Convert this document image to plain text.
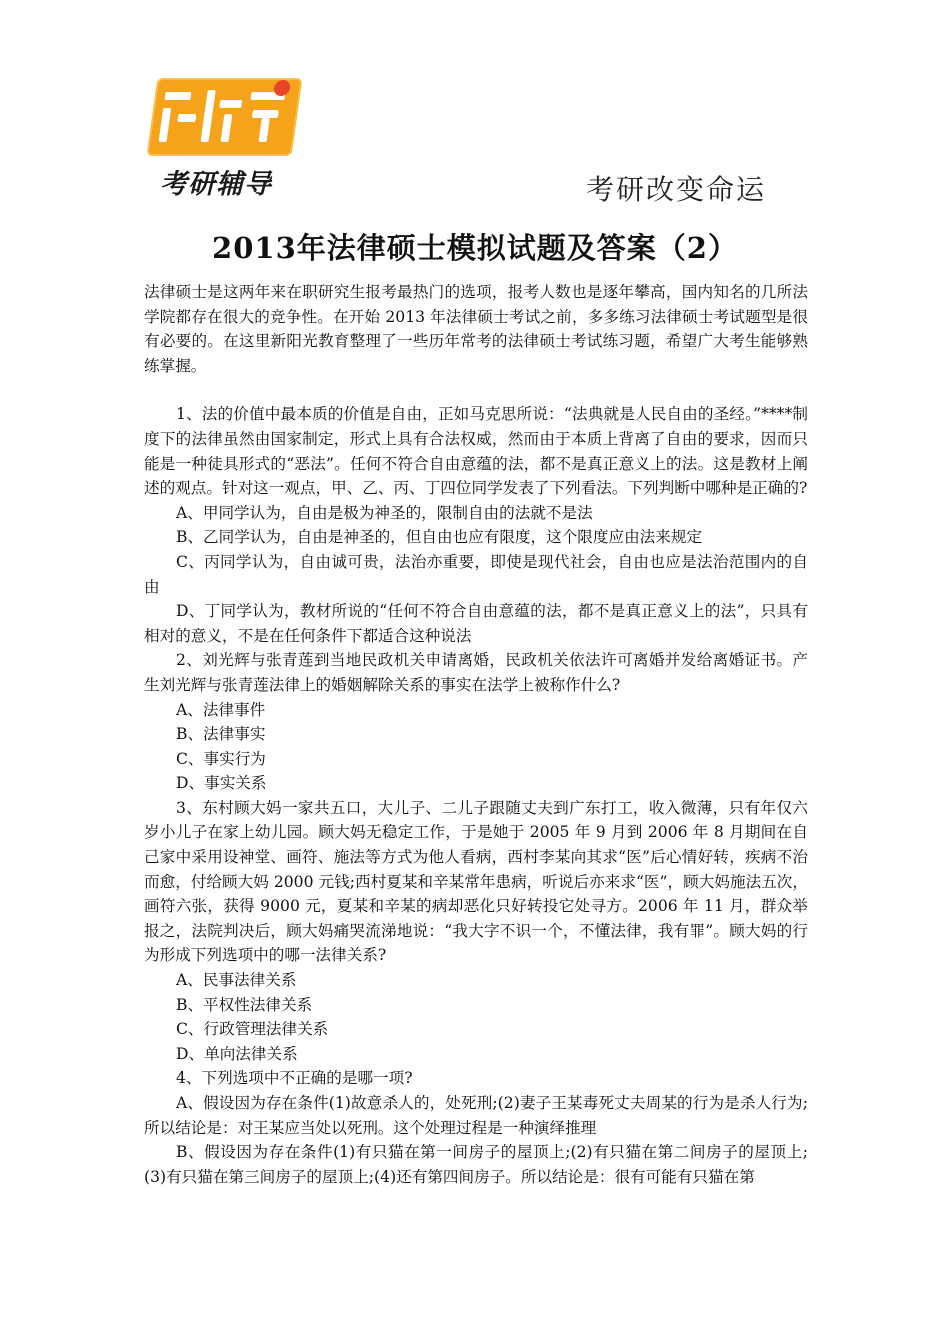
考研辅导	考研改变命运
2013年法律硕士模拟试题及答案（2）

法律硕士是这两年来在职研究生报考最热门的选项，报考人数也是逐年攀高，国内知名的几所法学院都存在很大的竞争性。在开始 2013 年法律硕士考试之前，多多练习法律硕士考试题型是很有必要的。在这里新阳光教育整理了一些历年常考的法律硕士考试练习题，希望广大考生能够熟练掌握。

1、法的价值中最本质的价值是自由，正如马克思所说：“法典就是人民自由的圣经。”****制度下的法律虽然由国家制定，形式上具有合法权威，然而由于本质上背离了自由的要求，因而只能是一种徒具形式的“恶法”。任何不符合自由意蕴的法，都不是真正意义上的法。这是教材上阐述的观点。针对这一观点，甲、乙、丙、丁四位同学发表了下列看法。下列判断中哪种是正确的?

A、甲同学认为，自由是极为神圣的，限制自由的法就不是法

B、乙同学认为，自由是神圣的，但自由也应有限度，这个限度应由法来规定

C、丙同学认为，自由诚可贵，法治亦重要，即使是现代社会，自由也应是法治范围内的自由

D、丁同学认为，教材所说的“任何不符合自由意蕴的法，都不是真正意义上的法”，只具有相对的意义，不是在任何条件下都适合这种说法

2、刘光辉与张青莲到当地民政机关申请离婚，民政机关依法许可离婚并发给离婚证书。产生刘光辉与张青莲法律上的婚姻解除关系的事实在法学上被称作什么?

A、法律事件

B、法律事实

C、事实行为

D、事实关系

3、东村顾大妈一家共五口，大儿子、二儿子跟随丈夫到广东打工，收入微薄，只有年仅六岁小儿子在家上幼儿园。顾大妈无稳定工作，于是她于 2005 年 9 月到 2006 年 8 月期间在自己家中采用设神堂、画符、施法等方式为他人看病，西村李某向其求“医”后心情好转，疾病不治而愈，付给顾大妈 2000 元钱;西村夏某和辛某常年患病，听说后亦来求“医”，顾大妈施法五次，画符六张，获得 9000 元，夏某和辛某的病却恶化只好转投它处寻方。2006 年 11 月，群众举报之，法院判决后，顾大妈痛哭流涕地说：“我大字不识一个，不懂法律，我有罪”。顾大妈的行为形成下列选项中的哪一法律关系?

A、民事法律关系

B、平权性法律关系

C、行政管理法律关系

D、单向法律关系

4、下列选项中不正确的是哪一项?

A、假设因为存在条件(1)故意杀人的，处死刑;(2)妻子王某毒死丈夫周某的行为是杀人行为;所以结论是：对王某应当处以死刑。这个处理过程是一种演绎推理

B、假设因为存在条件(1)有只猫在第一间房子的屋顶上;(2)有只猫在第二间房子的屋顶上;(3)有只猫在第三间房子的屋顶上;(4)还有第四间房子。所以结论是：很有可能有只猫在第
